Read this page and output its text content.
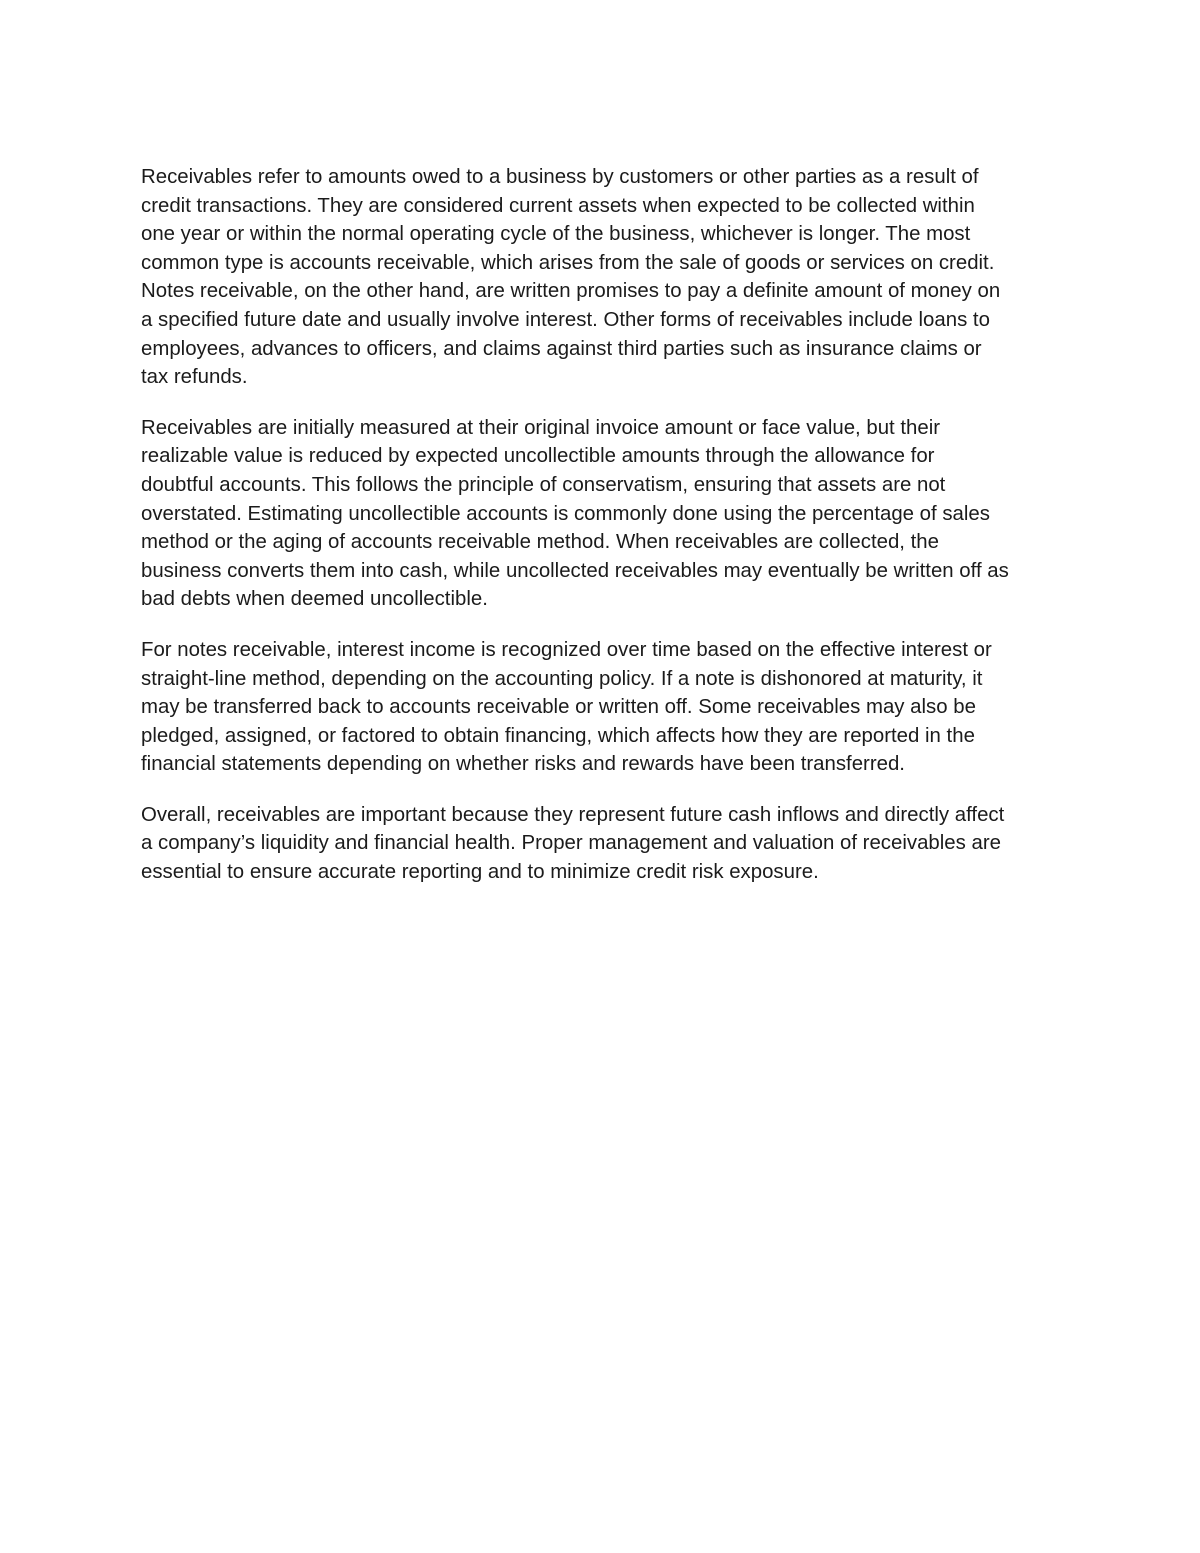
Receivables refer to amounts owed to a business by customers or other parties as a result of
credit transactions. They are considered current assets when expected to be collected within
one year or within the normal operating cycle of the business, whichever is longer. The most
common type is accounts receivable, which arises from the sale of goods or services on credit.
Notes receivable, on the other hand, are written promises to pay a definite amount of money on
a specified future date and usually involve interest. Other forms of receivables include loans to
employees, advances to officers, and claims against third parties such as insurance claims or
tax refunds.

Receivables are initially measured at their original invoice amount or face value, but their
realizable value is reduced by expected uncollectible amounts through the allowance for
doubtful accounts. This follows the principle of conservatism, ensuring that assets are not
overstated. Estimating uncollectible accounts is commonly done using the percentage of sales
method or the aging of accounts receivable method. When receivables are collected, the
business converts them into cash, while uncollected receivables may eventually be written off as
bad debts when deemed uncollectible.

For notes receivable, interest income is recognized over time based on the effective interest or
straight-line method, depending on the accounting policy. If a note is dishonored at maturity, it
may be transferred back to accounts receivable or written off. Some receivables may also be
pledged, assigned, or factored to obtain financing, which affects how they are reported in the
financial statements depending on whether risks and rewards have been transferred.

Overall, receivables are important because they represent future cash inflows and directly affect
a company’s liquidity and financial health. Proper management and valuation of receivables are
essential to ensure accurate reporting and to minimize credit risk exposure.
